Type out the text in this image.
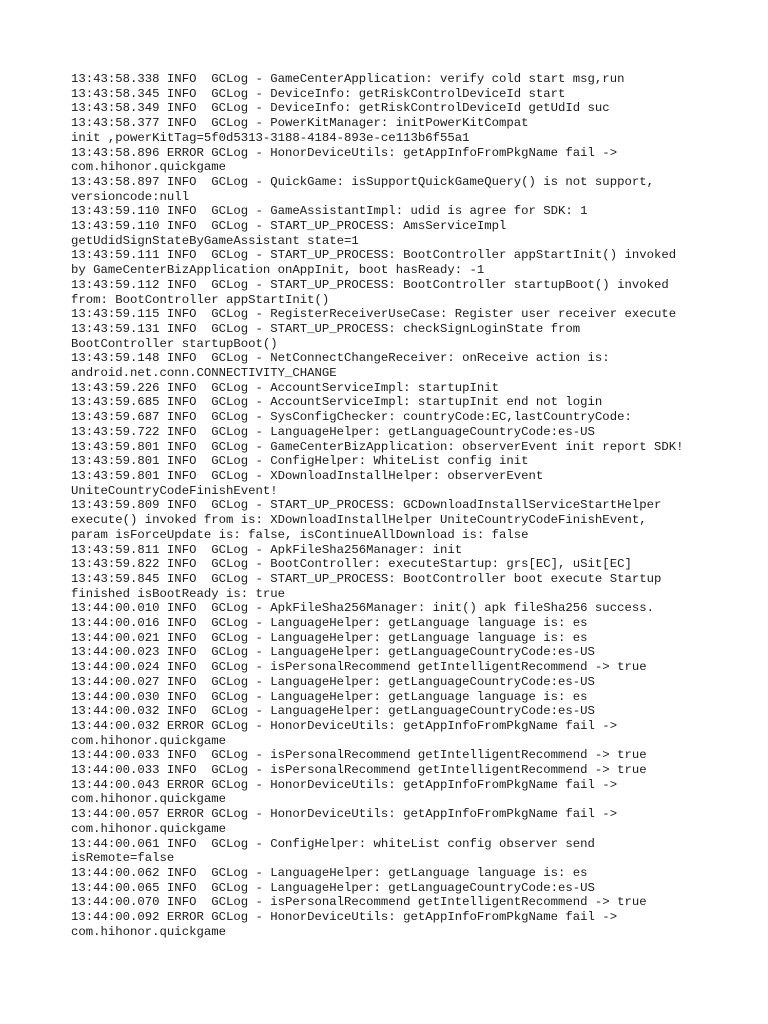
13:43:58.338 INFO  GCLog - GameCenterApplication: verify cold start msg,run
13:43:58.345 INFO  GCLog - DeviceInfo: getRiskControlDeviceId start
13:43:58.349 INFO  GCLog - DeviceInfo: getRiskControlDeviceId getUdId suc
13:43:58.377 INFO  GCLog - PowerKitManager: initPowerKitCompat
init ,powerKitTag=5f0d5313-3188-4184-893e-ce113b6f55a1
13:43:58.896 ERROR GCLog - HonorDeviceUtils: getAppInfoFromPkgName fail ->
com.hihonor.quickgame
13:43:58.897 INFO  GCLog - QuickGame: isSupportQuickGameQuery() is not support,
versioncode:null
13:43:59.110 INFO  GCLog - GameAssistantImpl: udid is agree for SDK: 1
13:43:59.110 INFO  GCLog - START_UP_PROCESS: AmsServiceImpl
getUdidSignStateByGameAssistant state=1
13:43:59.111 INFO  GCLog - START_UP_PROCESS: BootController appStartInit() invoked
by GameCenterBizApplication onAppInit, boot hasReady: -1
13:43:59.112 INFO  GCLog - START_UP_PROCESS: BootController startupBoot() invoked
from: BootController appStartInit()
13:43:59.115 INFO  GCLog - RegisterReceiverUseCase: Register user receiver execute
13:43:59.131 INFO  GCLog - START_UP_PROCESS: checkSignLoginState from
BootController startupBoot()
13:43:59.148 INFO  GCLog - NetConnectChangeReceiver: onReceive action is:
android.net.conn.CONNECTIVITY_CHANGE
13:43:59.226 INFO  GCLog - AccountServiceImpl: startupInit
13:43:59.685 INFO  GCLog - AccountServiceImpl: startupInit end not login
13:43:59.687 INFO  GCLog - SysConfigChecker: countryCode:EC,lastCountryCode:
13:43:59.722 INFO  GCLog - LanguageHelper: getLanguageCountryCode:es-US
13:43:59.801 INFO  GCLog - GameCenterBizApplication: observerEvent init report SDK!
13:43:59.801 INFO  GCLog - ConfigHelper: WhiteList config init
13:43:59.801 INFO  GCLog - XDownloadInstallHelper: observerEvent
UniteCountryCodeFinishEvent!
13:43:59.809 INFO  GCLog - START_UP_PROCESS: GCDownloadInstallServiceStartHelper
execute() invoked from is: XDownloadInstallHelper UniteCountryCodeFinishEvent,
param isForceUpdate is: false, isContinueAllDownload is: false
13:43:59.811 INFO  GCLog - ApkFileSha256Manager: init
13:43:59.822 INFO  GCLog - BootController: executeStartup: grs[EC], uSit[EC]
13:43:59.845 INFO  GCLog - START_UP_PROCESS: BootController boot execute Startup
finished isBootReady is: true
13:44:00.010 INFO  GCLog - ApkFileSha256Manager: init() apk fileSha256 success.
13:44:00.016 INFO  GCLog - LanguageHelper: getLanguage language is: es
13:44:00.021 INFO  GCLog - LanguageHelper: getLanguage language is: es
13:44:00.023 INFO  GCLog - LanguageHelper: getLanguageCountryCode:es-US
13:44:00.024 INFO  GCLog - isPersonalRecommend getIntelligentRecommend -> true
13:44:00.027 INFO  GCLog - LanguageHelper: getLanguageCountryCode:es-US
13:44:00.030 INFO  GCLog - LanguageHelper: getLanguage language is: es
13:44:00.032 INFO  GCLog - LanguageHelper: getLanguageCountryCode:es-US
13:44:00.032 ERROR GCLog - HonorDeviceUtils: getAppInfoFromPkgName fail ->
com.hihonor.quickgame
13:44:00.033 INFO  GCLog - isPersonalRecommend getIntelligentRecommend -> true
13:44:00.033 INFO  GCLog - isPersonalRecommend getIntelligentRecommend -> true
13:44:00.043 ERROR GCLog - HonorDeviceUtils: getAppInfoFromPkgName fail ->
com.hihonor.quickgame
13:44:00.057 ERROR GCLog - HonorDeviceUtils: getAppInfoFromPkgName fail ->
com.hihonor.quickgame
13:44:00.061 INFO  GCLog - ConfigHelper: whiteList config observer send
isRemote=false
13:44:00.062 INFO  GCLog - LanguageHelper: getLanguage language is: es
13:44:00.065 INFO  GCLog - LanguageHelper: getLanguageCountryCode:es-US
13:44:00.070 INFO  GCLog - isPersonalRecommend getIntelligentRecommend -> true
13:44:00.092 ERROR GCLog - HonorDeviceUtils: getAppInfoFromPkgName fail ->
com.hihonor.quickgame
